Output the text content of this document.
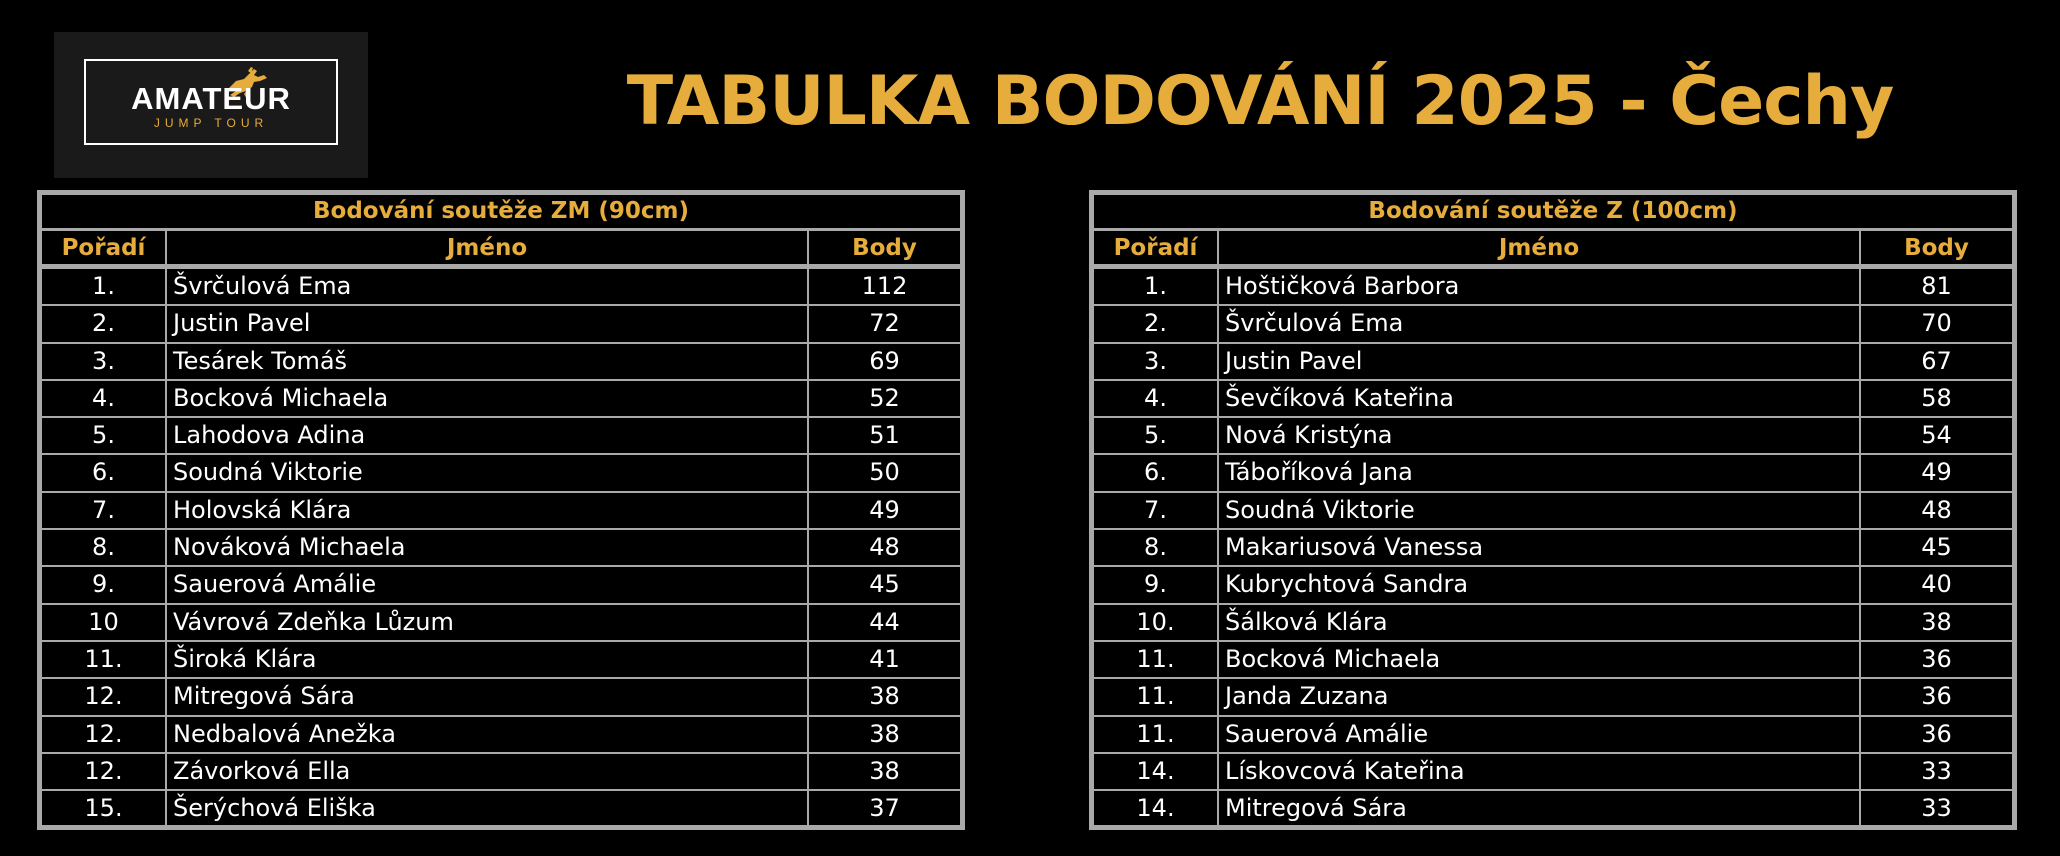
AMATEUR
JUMP TOUR	TABULKA BODOVÁNÍ 2025 - Čechy
Bodování soutěže ZM (90cm)
Pořadí	Jméno	Body
1.	Švrčulová Ema	112
2.	Justin Pavel	72
3.	Tesárek Tomáš	69
4.	Bocková Michaela	52
5.	Lahodova Adina	51
6.	Soudná Viktorie	50
7.	Holovská Klára	49
8.	Nováková Michaela	48
9.	Sauerová Amálie	45
10	Vávrová Zdeňka Lůzum	44
11.	Široká Klára	41
12.	Mitregová Sára	38
12.	Nedbalová Anežka	38
12.	Závorková Ella	38
15.	Šerýchová Eliška	37
Bodování soutěže Z (100cm)
Pořadí	Jméno	Body
1.	Hoštičková Barbora	81
2.	Švrčulová Ema	70
3.	Justin Pavel	67
4.	Ševčíková Kateřina	58
5.	Nová Kristýna	54
6.	Táboříková Jana	49
7.	Soudná Viktorie	48
8.	Makariusová Vanessa	45
9.	Kubrychtová Sandra	40
10.	Šálková Klára	38
11.	Bocková Michaela	36
11.	Janda Zuzana	36
11.	Sauerová Amálie	36
14.	Lískovcová Kateřina	33
14.	Mitregová Sára	33
